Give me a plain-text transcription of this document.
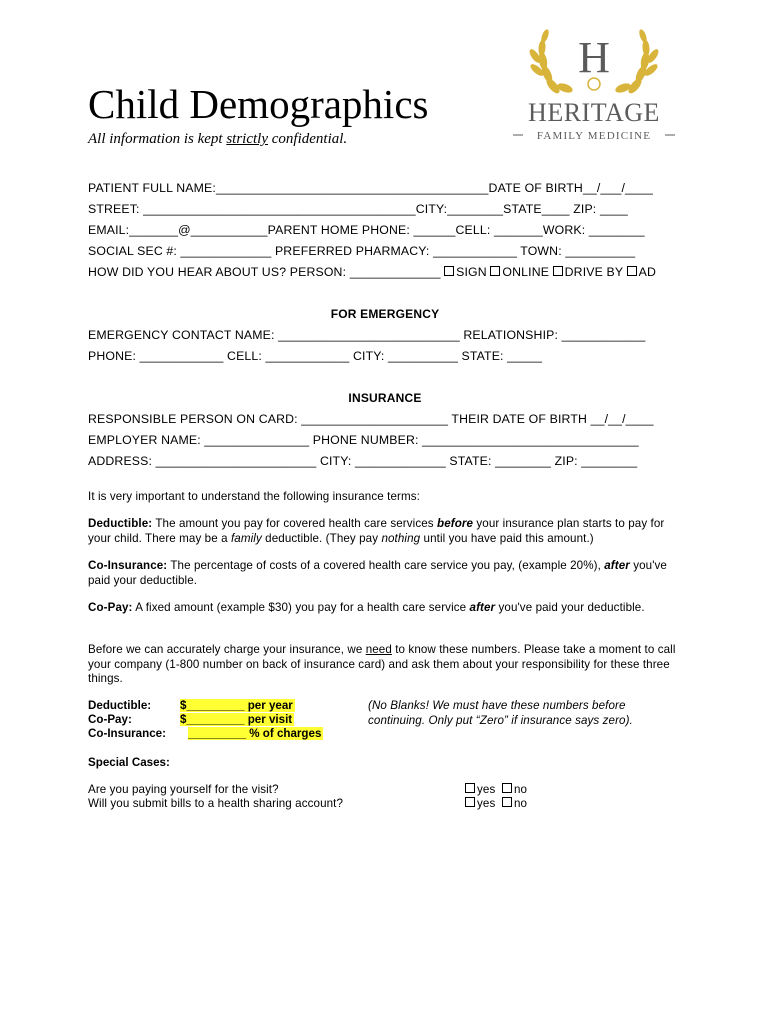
Child Demographics
All information is kept strictly confidential.
H
HERITAGE
FAMILY MEDICINE
PATIENT FULL NAME:_______________________________________DATE OF BIRTH__/___/____
STREET: _______________________________________CITY:________STATE____ ZIP: ____
EMAIL:_______@___________PARENT HOME PHONE: ______CELL: _______WORK: ________
SOCIAL SEC #: _____________ PREFERRED PHARMACY: ____________ TOWN: __________
HOW DID YOU HEAR ABOUT US? PERSON: _____________ SIGN ONLINE DRIVE BY AD
FOR EMERGENCY
EMERGENCY CONTACT NAME: __________________________ RELATIONSHIP: ____________
PHONE: ____________ CELL: ____________ CITY: __________ STATE: _____
INSURANCE
RESPONSIBLE PERSON ON CARD: _____________________ THEIR DATE OF BIRTH __/__/____
EMPLOYER NAME: _______________ PHONE NUMBER: _______________________________
ADDRESS: _______________________ CITY: _____________ STATE: ________ ZIP: ________
It is very important to understand the following insurance terms:
Deductible: The amount you pay for covered health care services before your insurance plan starts to pay for your child. There may be a family deductible. (They pay nothing until you have paid this amount.)
Co-Insurance: The percentage of costs of a covered health care service you pay, (example 20%), after you've paid your deductible.
Co-Pay: A fixed amount (example $30) you pay for a health care service after you've paid your deductible.
Before we can accurately charge your insurance, we need to know these numbers. Please take a moment to call your company (1-800 number on back of insurance card) and ask them about your responsibility for these three things.
Deductible:
Co-Pay:
Co-Insurance:
$_________ per year
$_________ per visit
_________ % of charges
(No Blanks! We must have these numbers before continuing. Only put “Zero” if insurance says zero).
Special Cases:
Are you paying yourself for the visit?
Will you submit bills to a health sharing account?
yes no
yes no
